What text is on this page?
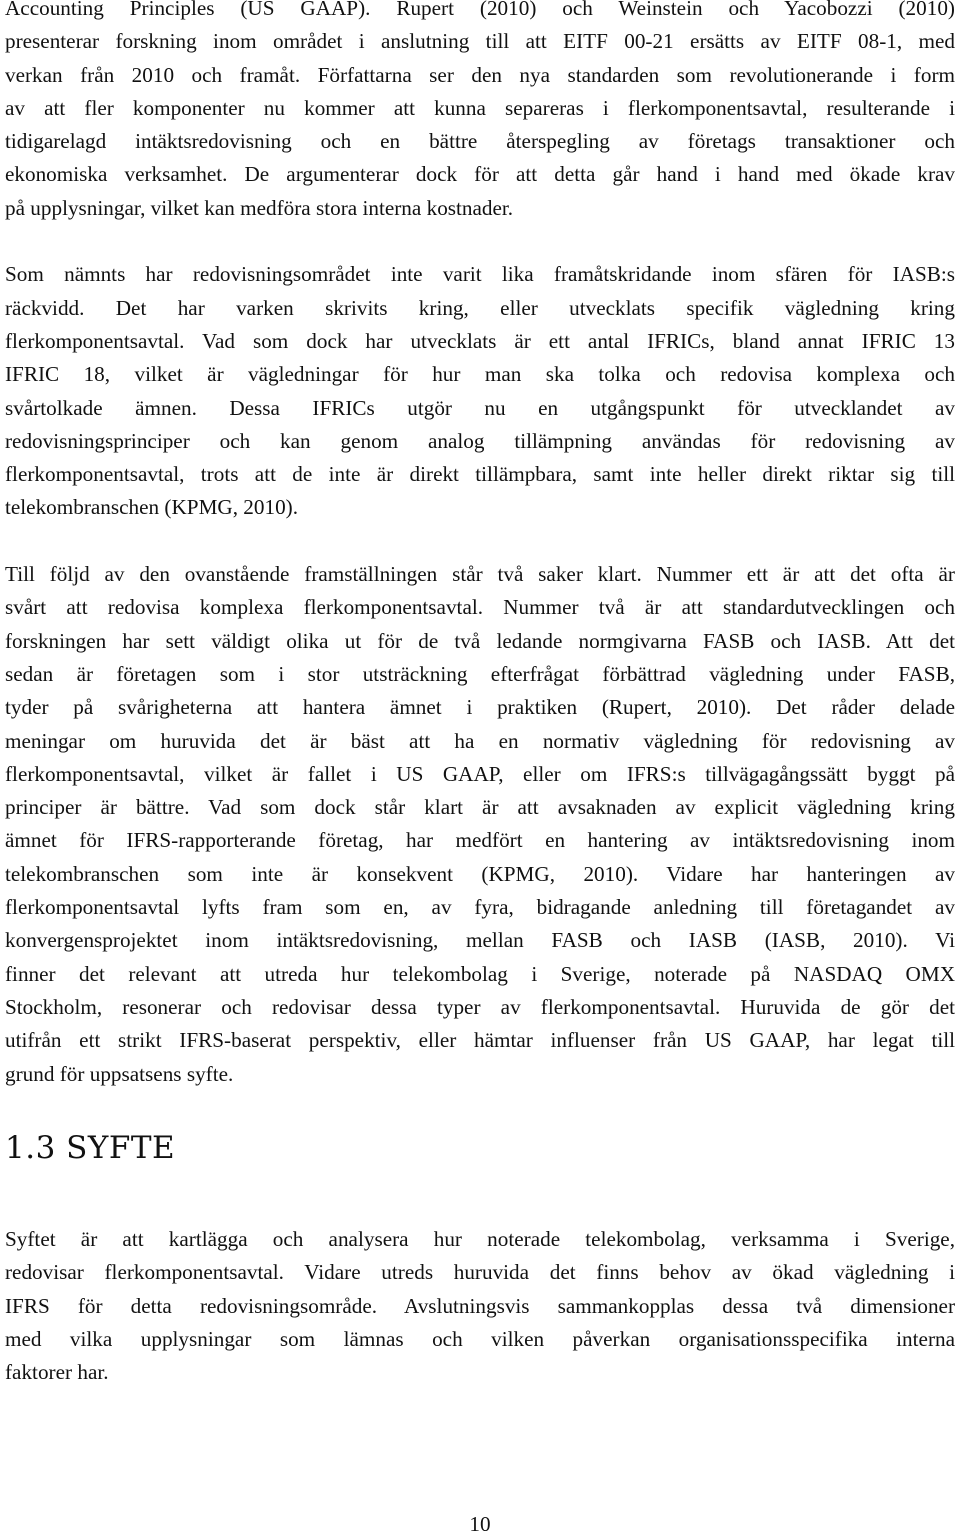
Accounting Principles (US GAAP). Rupert (2010) och Weinstein och Yacobozzi (2010)
presenterar forskning inom området i anslutning till att EITF 00-21 ersätts av EITF 08-1, med
verkan från 2010 och framåt. Författarna ser den nya standarden som revolutionerande i form
av att fler komponenter nu kommer att kunna separeras i flerkomponentsavtal, resulterande i
tidigarelagd intäktsredovisning och en bättre återspegling av företags transaktioner och
ekonomiska verksamhet. De argumenterar dock för att detta går hand i hand med ökade krav
på upplysningar, vilket kan medföra stora interna kostnader.
Som nämnts har redovisningsområdet inte varit lika framåtskridande inom sfären för IASB:s
räckvidd. Det har varken skrivits kring, eller utvecklats specifik vägledning kring
flerkomponentsavtal. Vad som dock har utvecklats är ett antal IFRICs, bland annat IFRIC 13
IFRIC 18, vilket är vägledningar för hur man ska tolka och redovisa komplexa och
svårtolkade ämnen. Dessa IFRICs utgör nu en utgångspunkt för utvecklandet av
redovisningsprinciper och kan genom analog tillämpning användas för redovisning av
flerkomponentsavtal, trots att de inte är direkt tillämpbara, samt inte heller direkt riktar sig till
telekombranschen (KPMG, 2010).
Till följd av den ovanstående framställningen står två saker klart. Nummer ett är att det ofta är
svårt att redovisa komplexa flerkomponentsavtal. Nummer två är att standardutvecklingen och
forskningen har sett väldigt olika ut för de två ledande normgivarna FASB och IASB. Att det
sedan är företagen som i stor utsträckning efterfrågat förbättrad vägledning under FASB,
tyder på svårigheterna att hantera ämnet i praktiken (Rupert, 2010). Det råder delade
meningar om huruvida det är bäst att ha en normativ vägledning för redovisning av
flerkomponentsavtal, vilket är fallet i US GAAP, eller om IFRS:s tillvägagångssätt byggt på
principer är bättre. Vad som dock står klart är att avsaknaden av explicit vägledning kring
ämnet för IFRS-rapporterande företag, har medfört en hantering av intäktsredovisning inom
telekombranschen som inte är konsekvent (KPMG, 2010). Vidare har hanteringen av
flerkomponentsavtal lyfts fram som en, av fyra, bidragande anledning till företagandet av
konvergensprojektet inom intäktsredovisning, mellan FASB och IASB (IASB, 2010). Vi
finner det relevant att utreda hur telekombolag i Sverige, noterade på NASDAQ OMX
Stockholm, resonerar och redovisar dessa typer av flerkomponentsavtal. Huruvida de gör det
utifrån ett strikt IFRS-baserat perspektiv, eller hämtar influenser från US GAAP, har legat till
grund för uppsatsens syfte.
1.3 SYFTE
Syftet är att kartlägga och analysera hur noterade telekombolag, verksamma i Sverige,
redovisar flerkomponentsavtal. Vidare utreds huruvida det finns behov av ökad vägledning i
IFRS för detta redovisningsområde. Avslutningsvis sammankopplas dessa två dimensioner
med vilka upplysningar som lämnas och vilken påverkan organisationsspecifika interna
faktorer har.
10
